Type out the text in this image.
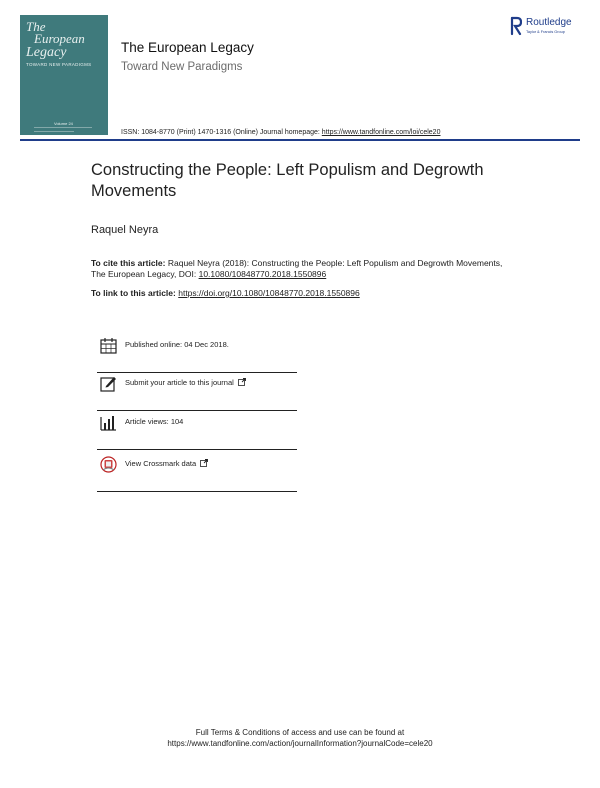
The
European
Legacy
TOWARD NEW PARADIGMS
Volume 24
The European Legacy
Toward New Paradigms
Routledge
Taylor & Francis Group
ISSN: 1084-8770 (Print) 1470-1316 (Online) Journal homepage: https://www.tandfonline.com/loi/cele20
Constructing the People: Left Populism and Degrowth Movements
Raquel Neyra
To cite this article: Raquel Neyra (2018): Constructing the People: Left Populism and Degrowth Movements, The European Legacy, DOI: 10.1080/10848770.2018.1550896
To link to this article: https://doi.org/10.1080/10848770.2018.1550896
Published online: 04 Dec 2018.
Submit your article to this journal
Article views: 104
View Crossmark data
Full Terms & Conditions of access and use can be found at
https://www.tandfonline.com/action/journalInformation?journalCode=cele20
